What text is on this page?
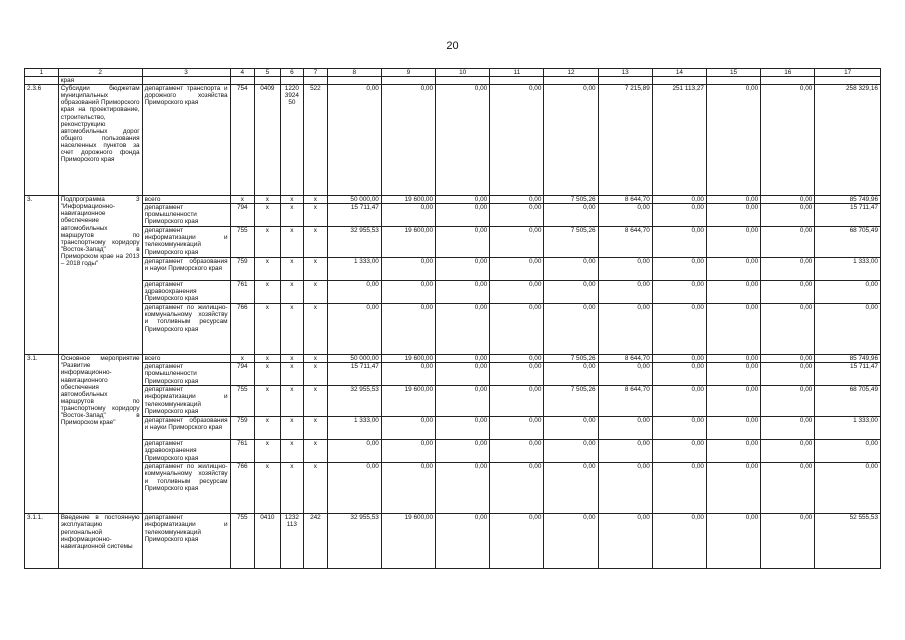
20
1	2	3	4	5	6	7	8	9	10	11	12	13	14	15	16	17
	края															
2.3.6	Субсидии бюджетам муниципальных образований Приморского края на проектирование, строительство, реконструкцию автомобильных дорог общего пользования населенных пунктов за счет дорожного фонда Приморского края	департамент транспорта и дорожного хозяйства Приморского края	754	0409	1220 3924 50	522	0,00	0,00	0,00	0,00	0,00	7 215,89	251 113,27	0,00	0,00	258 329,16
3.	Подпрограмма 3 "Информационно-навигационное обеспечение автомобильных маршрутов по транспортному коридору "Восток-Запад" в Приморском крае на 2013 – 2018 годы"	всего	x	x	x	x	50 000,00	19 600,00	0,00	0,00	7 505,26	8 644,70	0,00	0,00	0,00	85 749,96
		департамент промышленности Приморского края	794	x	x	x	15 711,47	0,00	0,00	0,00	0,00	0,00	0,00	0,00	0,00	15 711,47
		департамент информатизации и телекоммуникаций Приморского края	755	x	x	x	32 955,53	19 600,00	0,00	0,00	7 505,26	8 644,70	0,00	0,00	0,00	68 705,49
		департамент образования и науки Приморского края	759	x	x	x	1 333,00	0,00	0,00	0,00	0,00	0,00	0,00	0,00	0,00	1 333,00
		департамент здравоохранения Приморского края	761	x	x	x	0,00	0,00	0,00	0,00	0,00	0,00	0,00	0,00	0,00	0,00
		департамент по жилищно-коммунальному хозяйству и топливным ресурсам Приморского края	766	x	x	x	0,00	0,00	0,00	0,00	0,00	0,00	0,00	0,00	0,00	0,00
3.1.	Основное мероприятие "Развитие информационно-навигационного обеспечения автомобильных маршрутов по транспортному коридору "Восток-Запад" в Приморском крае"	всего	x	x	x	x	50 000,00	19 600,00	0,00	0,00	7 505,26	8 644,70	0,00	0,00	0,00	85 749,96
		департамент промышленности Приморского края	794	x	x	x	15 711,47	0,00	0,00	0,00	0,00	0,00	0,00	0,00	0,00	15 711,47
		департамент информатизации и телекоммуникаций Приморского края	755	x	x	x	32 955,53	19 600,00	0,00	0,00	7 505,26	8 644,70	0,00	0,00	0,00	68 705,49
		департамент образования и науки Приморского края	759	x	x	x	1 333,00	0,00	0,00	0,00	0,00	0,00	0,00	0,00	0,00	1 333,00
		департамент здравоохранения Приморского края	761	x	x	x	0,00	0,00	0,00	0,00	0,00	0,00	0,00	0,00	0,00	0,00
		департамент по жилищно-коммунальному хозяйству и топливным ресурсам Приморского края	766	x	x	x	0,00	0,00	0,00	0,00	0,00	0,00	0,00	0,00	0,00	0,00
3.1.1.	Введение в постоянную эксплуатацию региональной информационно-навигационной системы	департамент информатизации и телекоммуникаций Приморского края	755	0410	1232 113	242	32 955,53	19 600,00	0,00	0,00	0,00	0,00	0,00	0,00	0,00	52 555,53
